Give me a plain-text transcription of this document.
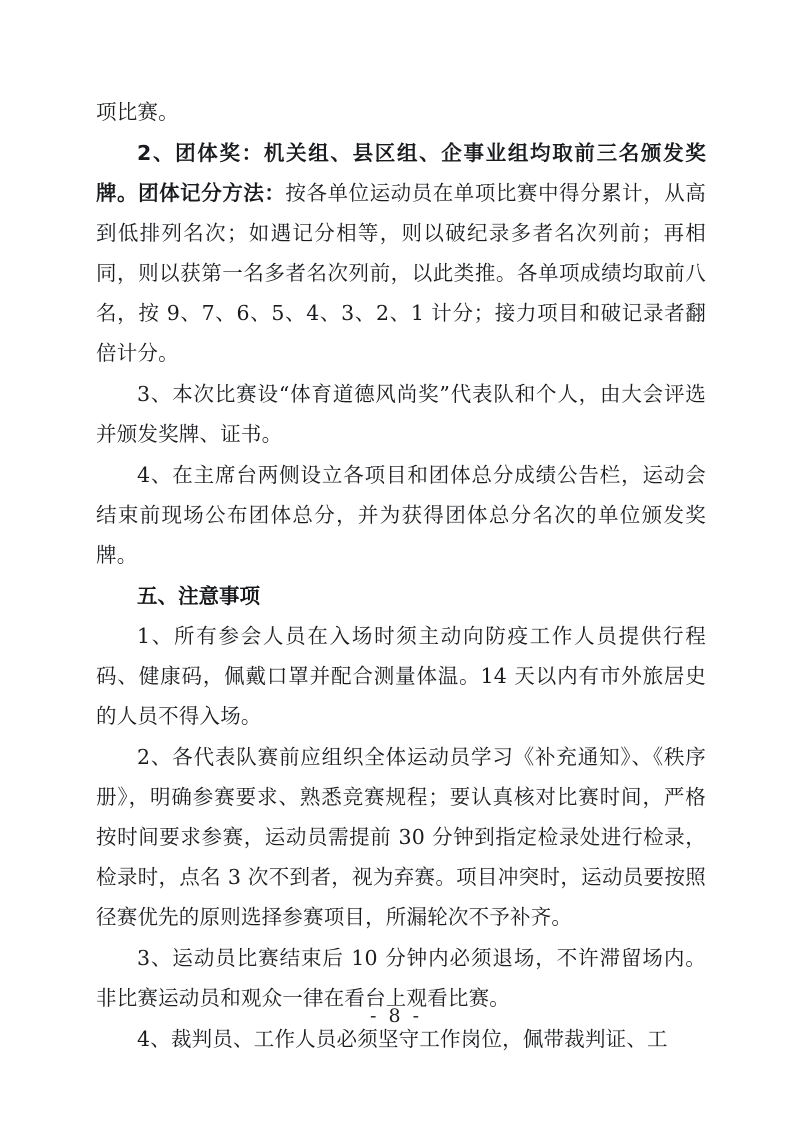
项比赛。

2、团体奖：机关组、县区组、企事业组均取前三名颁发奖牌。团体记分方法：按各单位运动员在单项比赛中得分累计，从高到低排列名次；如遇记分相等，则以破纪录多者名次列前；再相同，则以获第一名多者名次列前，以此类推。各单项成绩均取前八名，按 9、7、6、5、4、3、2、1 计分；接力项目和破记录者翻倍计分。

3、本次比赛设“体育道德风尚奖”代表队和个人，由大会评选并颁发奖牌、证书。

4、在主席台两侧设立各项目和团体总分成绩公告栏，运动会结束前现场公布团体总分，并为获得团体总分名次的单位颁发奖牌。

五、注意事项

1、所有参会人员在入场时须主动向防疫工作人员提供行程码、健康码，佩戴口罩并配合测量体温。14 天以内有市外旅居史的人员不得入场。

2、各代表队赛前应组织全体运动员学习《补充通知》、《秩序册》，明确参赛要求、熟悉竞赛规程；要认真核对比赛时间，严格按时间要求参赛，运动员需提前 30 分钟到指定检录处进行检录，检录时，点名 3 次不到者，视为弃赛。项目冲突时，运动员要按照径赛优先的原则选择参赛项目，所漏轮次不予补齐。

3、运动员比赛结束后 10 分钟内必须退场，不许滞留场内。非比赛运动员和观众一律在看台上观看比赛。

4、裁判员、工作人员必须坚守工作岗位，佩带裁判证、工

- 8 -
